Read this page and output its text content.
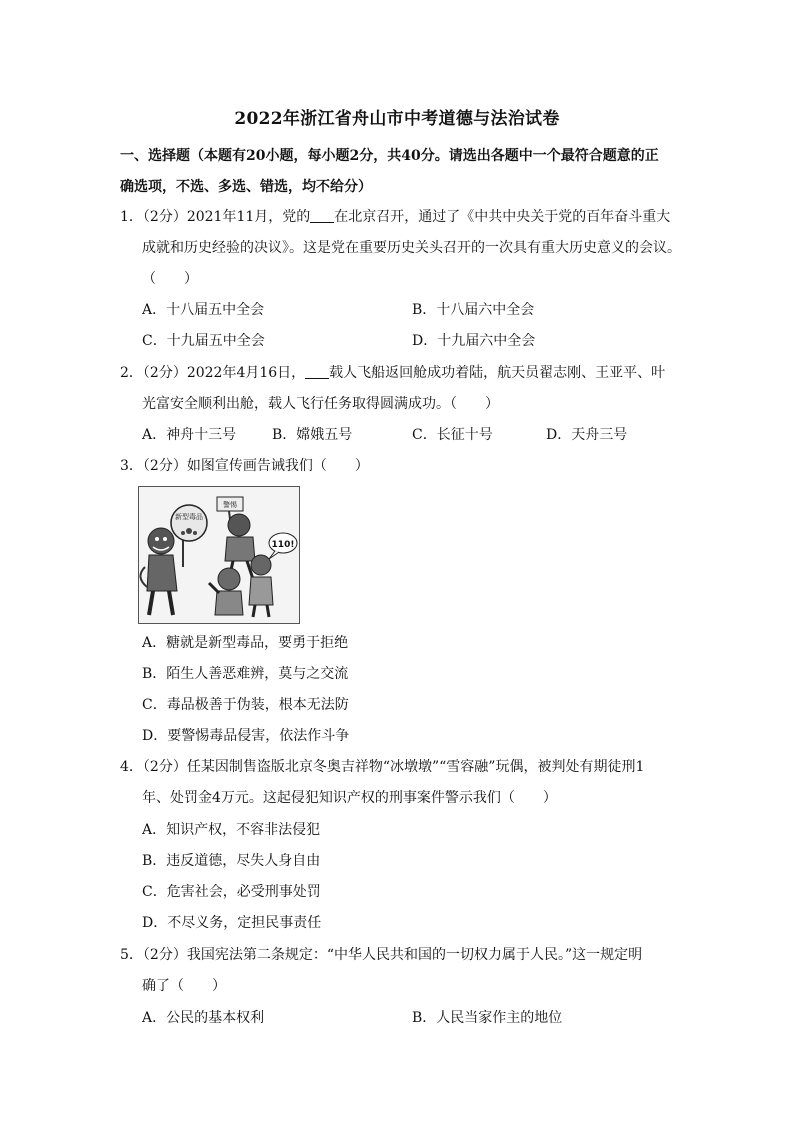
2022年浙江省舟山市中考道德与法治试卷
一、选择题（本题有20小题，每小题2分，共40分。请选出各题中一个最符合题意的正
确选项，不选、多选、错选，均不给分）
1．（2分）2021年11月，党的 在北京召开，通过了《中共中央关于党的百年奋斗重大
成就和历史经验的决议》。这是党在重要历史关头召开的一次具有重大历史意义的会议。
（　　）
A．十八届五中全会	B．十八届六中全会
C．十九届五中全会	D．十九届六中全会
2．（2分）2022年4月16日， 载人飞船返回舱成功着陆，航天员翟志刚、王亚平、叶
光富安全顺利出舱，载人飞行任务取得圆满成功。（　　）
A．神舟十三号	B．嫦娥五号	C．长征十号	D．天舟三号
3．（2分）如图宣传画告诫我们（　　）
新型毒品
警惕
110!
A．糖就是新型毒品，要勇于拒绝
B．陌生人善恶难辨，莫与之交流
C．毒品极善于伪装，根本无法防
D．要警惕毒品侵害，依法作斗争
4．（2分）任某因制售盗版北京冬奥吉祥物“冰墩墩”“雪容融”玩偶，被判处有期徒刑1
年、处罚金4万元。这起侵犯知识产权的刑事案件警示我们（　　）
A．知识产权，不容非法侵犯
B．违反道德，尽失人身自由
C．危害社会，必受刑事处罚
D．不尽义务，定担民事责任
5．（2分）我国宪法第二条规定：“中华人民共和国的一切权力属于人民。”这一规定明
确了（　　）
A．公民的基本权利	B．人民当家作主的地位
